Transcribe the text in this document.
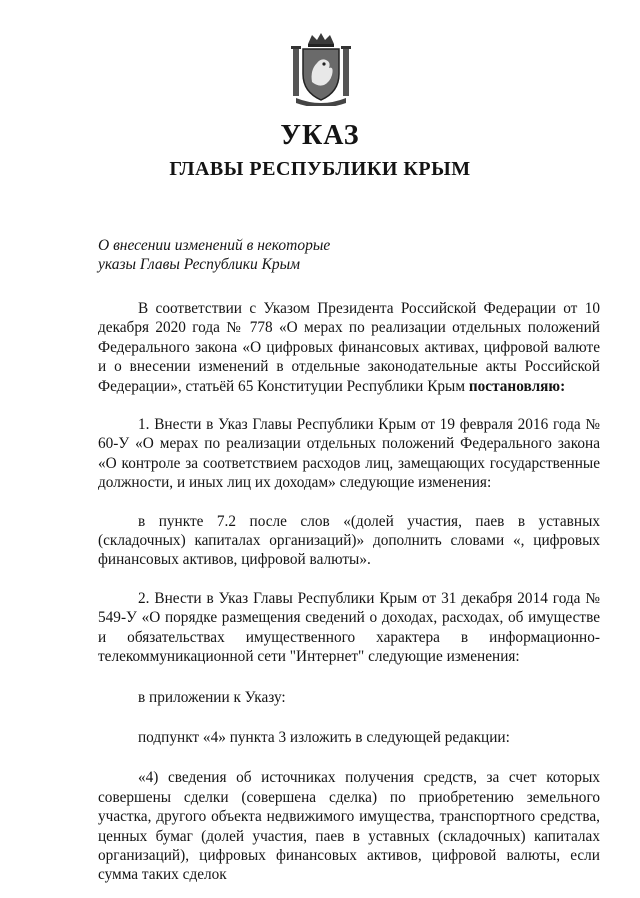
УКАЗ
ГЛАВЫ РЕСПУБЛИКИ КРЫМ
О внесении изменений в некоторые
указы Главы Республики Крым

В соответствии с Указом Президента Российской Федерации от 10 декабря 2020 года № 778 «О мерах по реализации отдельных положений Федерального закона «О цифровых финансовых активах, цифровой валюте и о внесении изменений в отдельные законодательные акты Российской Федерации», статьёй 65 Конституции Республики Крым постановляю:

1. Внести в Указ Главы Республики Крым от 19 февраля 2016 года № 60-У «О мерах по реализации отдельных положений Федерального закона «О контроле за соответствием расходов лиц, замещающих государственные должности, и иных лиц их доходам» следующие изменения:

в пункте 7.2 после слов «(долей участия, паев в уставных (складочных) капиталах организаций)» дополнить словами «, цифровых финансовых активов, цифровой валюты».

2. Внести в Указ Главы Республики Крым от 31 декабря 2014 года № 549-У «О порядке размещения сведений о доходах, расходах, об имуществе и обязательствах имущественного характера в информационно-телекоммуникационной сети "Интернет" следующие изменения:

в приложении к Указу:

подпункт «4» пункта 3 изложить в следующей редакции:

«4) сведения об источниках получения средств, за счет которых совершены сделки (совершена сделка) по приобретению земельного участка, другого объекта недвижимого имущества, транспортного средства, ценных бумаг (долей участия, паев в уставных (складочных) капиталах организаций), цифровых финансовых активов, цифровой валюты, если сумма таких сделок
